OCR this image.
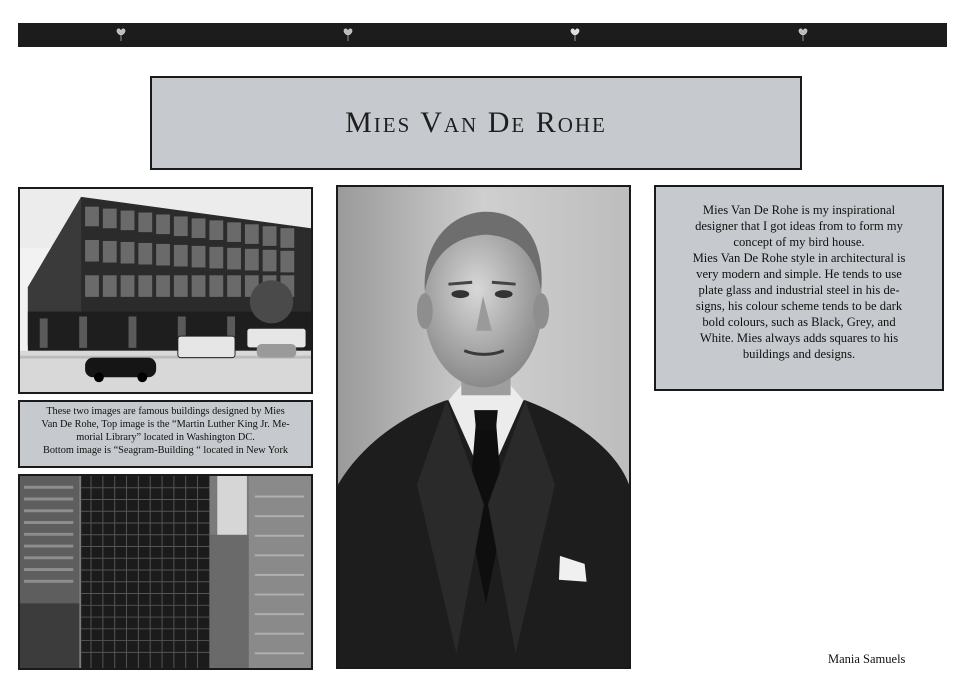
Mies Van De Rohe
These two images are famous buildings designed by Mies
Van De Rohe, Top image is the “Martin Luther King Jr. Me-
morial Library” located in Washington DC.
Bottom image is “Seagram-Building “ located in New York
Mies Van De Rohe is my inspirational
designer that I got ideas from to form my
concept of my bird house.
Mies Van De Rohe style in architectural is
very modern and simple. He tends to use
plate glass and industrial steel in his de-
signs, his colour scheme tends to be dark
bold colours, such as Black, Grey, and
White. Mies always adds squares to his
buildings and designs.
Mania Samuels
